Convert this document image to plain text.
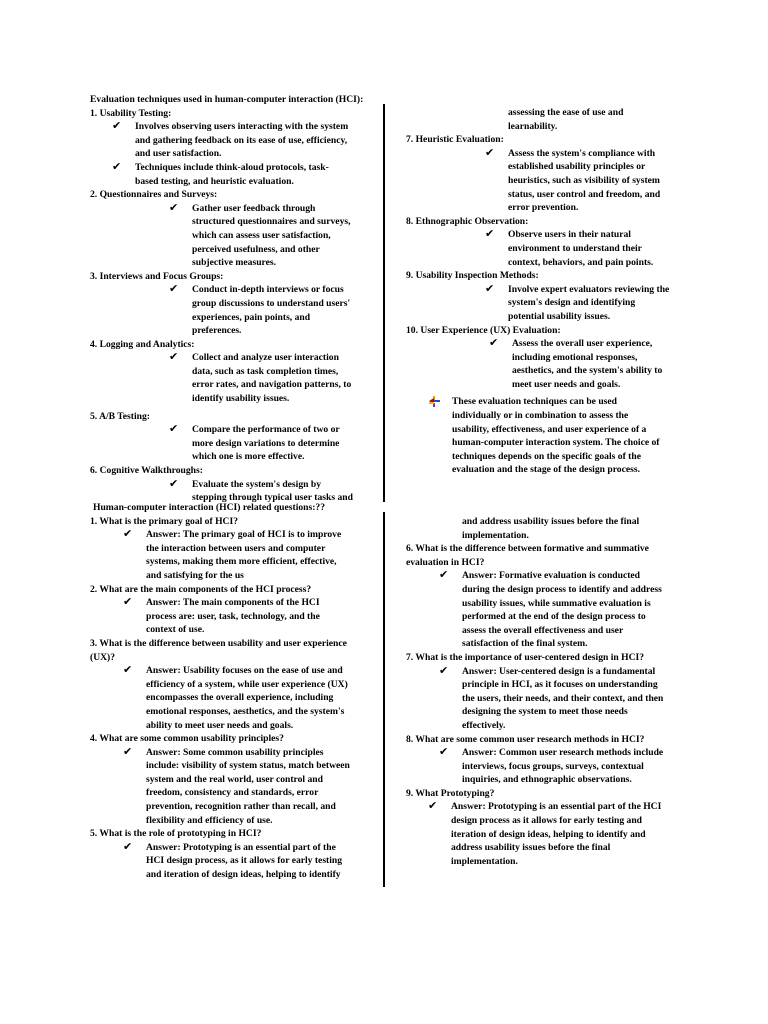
Evaluation techniques used in human-computer interaction (HCI):
1. Usability Testing:
✔ Involves observing users interacting with the system
and gathering feedback on its ease of use, efficiency,
and user satisfaction.
✔ Techniques include think-aloud protocols, task-
based testing, and heuristic evaluation.
2. Questionnaires and Surveys:
✔ Gather user feedback through
structured questionnaires and surveys,
which can assess user satisfaction,
perceived usefulness, and other
subjective measures.
3. Interviews and Focus Groups:
✔ Conduct in-depth interviews or focus
group discussions to understand users'
experiences, pain points, and
preferences.
4. Logging and Analytics:
✔ Collect and analyze user interaction
data, such as task completion times,
error rates, and navigation patterns, to
identify usability issues.
5. A/B Testing:
✔ Compare the performance of two or
more design variations to determine
which one is more effective.
6. Cognitive Walkthroughs:
✔ Evaluate the system's design by
stepping through typical user tasks and
assessing the ease of use and
learnability.
7. Heuristic Evaluation:
✔ Assess the system's compliance with
established usability principles or
heuristics, such as visibility of system
status, user control and freedom, and
error prevention.
8. Ethnographic Observation:
✔ Observe users in their natural
environment to understand their
context, behaviors, and pain points.
9. Usability Inspection Methods:
✔ Involve expert evaluators reviewing the
system's design and identifying
potential usability issues.
10. User Experience (UX) Evaluation:
✔ Assess the overall user experience,
including emotional responses,
aesthetics, and the system's ability to
meet user needs and goals.
These evaluation techniques can be used
individually or in combination to assess the
usability, effectiveness, and user experience of a
human-computer interaction system. The choice of
techniques depends on the specific goals of the
evaluation and the stage of the design process.
Human-computer interaction (HCI) related questions:??
1. What is the primary goal of HCI?
✔ Answer: The primary goal of HCI is to improve
the interaction between users and computer
systems, making them more efficient, effective,
and satisfying for the us
2. What are the main components of the HCI process?
✔ Answer: The main components of the HCI
process are: user, task, technology, and the
context of use.
3. What is the difference between usability and user experience
(UX)?
✔ Answer: Usability focuses on the ease of use and
efficiency of a system, while user experience (UX)
encompasses the overall experience, including
emotional responses, aesthetics, and the system's
ability to meet user needs and goals.
4. What are some common usability principles?
✔ Answer: Some common usability principles
include: visibility of system status, match between
system and the real world, user control and
freedom, consistency and standards, error
prevention, recognition rather than recall, and
flexibility and efficiency of use.
5. What is the role of prototyping in HCI?
✔ Answer: Prototyping is an essential part of the
HCI design process, as it allows for early testing
and iteration of design ideas, helping to identify
and address usability issues before the final
implementation.
6. What is the difference between formative and summative
evaluation in HCI?
✔ Answer: Formative evaluation is conducted
during the design process to identify and address
usability issues, while summative evaluation is
performed at the end of the design process to
assess the overall effectiveness and user
satisfaction of the final system.
7. What is the importance of user-centered design in HCI?
✔ Answer: User-centered design is a fundamental
principle in HCI, as it focuses on understanding
the users, their needs, and their context, and then
designing the system to meet those needs
effectively.
8. What are some common user research methods in HCI?
✔ Answer: Common user research methods include
interviews, focus groups, surveys, contextual
inquiries, and ethnographic observations.
9. What Prototyping?
✔ Answer: Prototyping is an essential part of the HCI
design process as it allows for early testing and
iteration of design ideas, helping to identify and
address usability issues before the final
implementation.
